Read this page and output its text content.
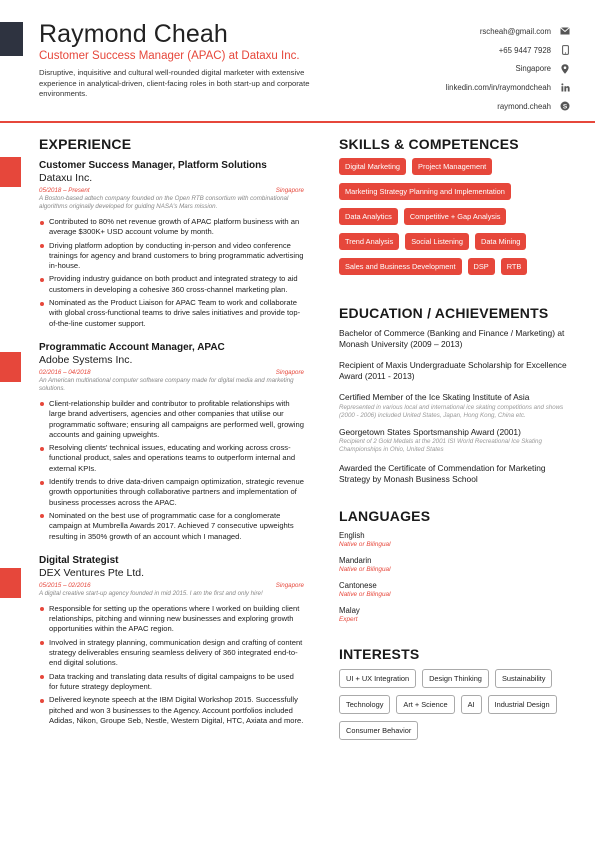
Raymond Cheah
Customer Success Manager (APAC) at Dataxu Inc.
Disruptive, inquisitive and cultural well-rounded digital marketer with extensive experience in analytical-driven, client-facing roles in both start-up and corporate environments.
rscheah@gmail.com
+65 9447 7928
Singapore
linkedin.com/in/raymondcheah
raymond.cheah S
EXPERIENCE
Customer Success Manager, Platform Solutions
Dataxu Inc.
05/2018 – Present	Singapore
A Boston-based adtech company founded on the Open RTB consortium with combinational algorithms originally developed for guiding NASA's Mars mission.
Contributed to 80% net revenue growth of APAC platform business with an average $300K+ USD account volume by month.
Driving platform adoption by conducting in-person and video conference trainings for agency and brand customers to bring programmatic advertising in-house.
Providing industry guidance on both product and integrated strategy to aid customers in developing a cohesive 360 cross-channel marketing plan.
Nominated as the Product Liaison for APAC Team to work and collaborate with global cross-functional teams to drive sales initiatives and provide top-of-the-line customer support.
Programmatic Account Manager, APAC
Adobe Systems Inc.
02/2016 – 04/2018	Singapore
An American multinational computer software company made for digital media and marketing solutions.
Client-relationship builder and contributor to profitable relationships with large brand advertisers, agencies and other companies that utilise our programmatic software; ensuring all campaigns are performed well, growing accounts and gaining upweights.
Resolving clients' technical issues, educating and working across cross-functional product, sales and operations teams to outperform internal and external KPIs.
Identify trends to drive data-driven campaign optimization, strategic revenue growth opportunities through collaborative partners and implementation of business processes across the APAC.
Nominated on the best use of programmatic case for a conglomerate campaign at Mumbrella Awards 2017. Achieved 7 consecutive upweights resulting in 350% growth of an account which I managed.
Digital Strategist
DEX Ventures Pte Ltd.
05/2015 – 02/2016	Singapore
A digital creative start-up agency founded in mid 2015. I am the first and only hire!
Responsible for setting up the operations where I worked on building client relationships, pitching and winning new businesses and exploring growth opportunities within the APAC region.
Involved in strategy planning, communication design and crafting of content strategy deliverables ensuring seamless delivery of 360 integrated end-to-end digital solutions.
Data tracking and translating data results of digital campaigns to be used for future strategy deployment.
Delivered keynote speech at the IBM Digital Workshop 2015. Successfully pitched and won 3 businesses to the Agency. Account portfolios included Adidas, Nikon, Groupe Seb, Nestle, Western Digital, HTC, Axiata and more.
SKILLS & COMPETENCES
Digital Marketing	Project Management
Marketing Strategy Planning and Implementation
Data Analytics	Competitive + Gap Analysis
Trend Analysis	Social Listening	Data Mining
Sales and Business Development	DSP	RTB
EDUCATION / ACHIEVEMENTS
Bachelor of Commerce (Banking and Finance / Marketing) at Monash University (2009 – 2013)
Recipient of Maxis Undergraduate Scholarship for Excellence Award (2011 - 2013)
Certified Member of the Ice Skating Institute of Asia
Represented in various local and international ice skating competitions and shows (2000 - 2006) included United States, Japan, Hong Kong, China etc.
Georgetown States Sportsmanship Award (2001)
Recipient of 2 Gold Medals at the 2001 ISI World Recreational Ice Skating Championships in Ohio, United States
Awarded the Certificate of Commendation for Marketing Strategy by Monash Business School
LANGUAGES
English
Native or Bilingual
Mandarin
Native or Bilingual
Cantonese
Native or Bilingual
Malay
Expert
INTERESTS
UI + UX Integration	Design Thinking	Sustainability
Technology	Art + Science	AI	Industrial Design
Consumer Behavior
